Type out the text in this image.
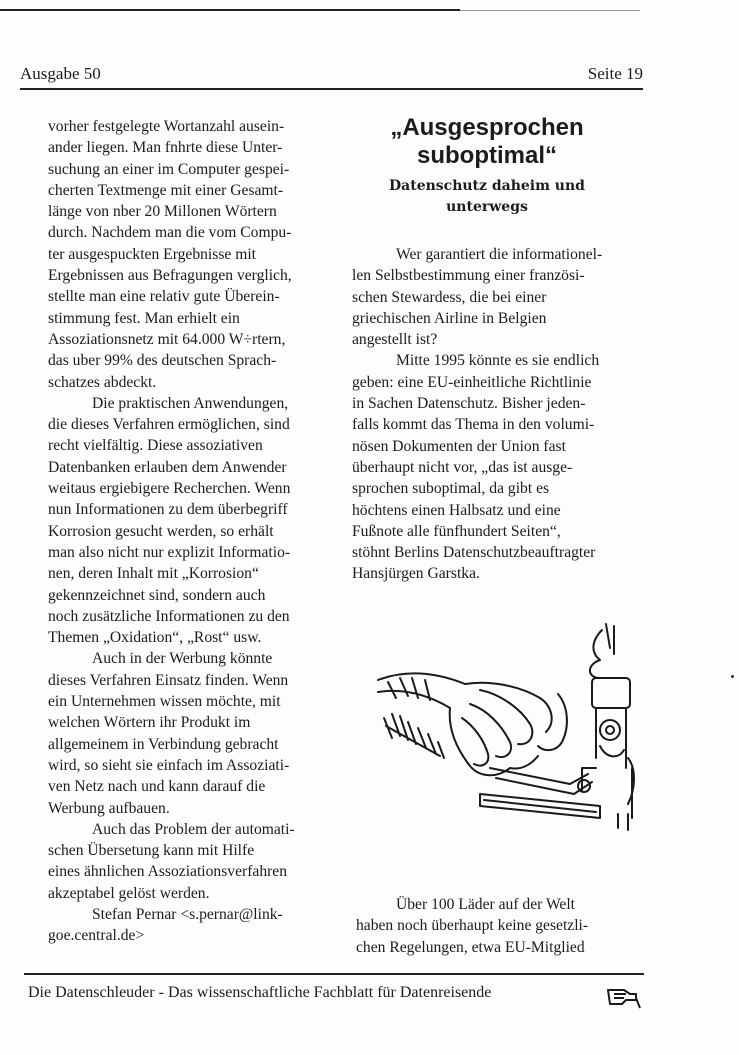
Ausgabe 50	Seite 19
vorher festgelegte Wortanzahl ausein-
ander liegen. Man fnhrte diese Unter-
suchung an einer im Computer gespei-
cherten Textmenge mit einer Gesamt-
länge von nber 20 Millonen Wörtern
durch. Nachdem man die vom Compu-
ter ausgespuckten Ergebnisse mit
Ergebnissen aus Befragungen verglich,
stellte man eine relativ gute Überein-
stimmung fest. Man erhielt ein
Assoziationsnetz mit 64.000 W÷rtern,
das uber 99% des deutschen Sprach-
schatzes abdeckt.
Die praktischen Anwendungen,
die dieses Verfahren ermöglichen, sind
recht vielfältig. Diese assoziativen
Datenbanken erlauben dem Anwender
weitaus ergiebigere Recherchen. Wenn
nun Informationen zu dem überbegriff
Korrosion gesucht werden, so erhält
man also nicht nur explizit Informatio-
nen, deren Inhalt mit „Korrosion“
gekennzeichnet sind, sondern auch
noch zusätzliche Informationen zu den
Themen „Oxidation“, „Rost“ usw.
Auch in der Werbung könnte
dieses Verfahren Einsatz finden. Wenn
ein Unternehmen wissen möchte, mit
welchen Wörtern ihr Produkt im
allgemeinem in Verbindung gebracht
wird, so sieht sie einfach im Assoziati-
ven Netz nach und kann darauf die
Werbung aufbauen.
Auch das Problem der automati-
schen Übersetung kann mit Hilfe
eines ähnlichen Assoziationsverfahren
akzeptabel gelöst werden.
Stefan Pernar <s.pernar@link-
goe.central.de>
„Ausgesprochen
suboptimal“
Datenschutz daheim und
unterwegs
Wer garantiert die informationel-
len Selbstbestimmung einer französi-
schen Stewardess, die bei einer
griechischen Airline in Belgien
angestellt ist?
Mitte 1995 könnte es sie endlich
geben: eine EU-einheitliche Richtlinie
in Sachen Datenschutz. Bisher jeden-
falls kommt das Thema in den volumi-
nösen Dokumenten der Union fast
überhaupt nicht vor, „das ist ausge-
sprochen suboptimal, da gibt es
höchtens einen Halbsatz und eine
Fußnote alle fünfhundert Seiten“,
stöhnt Berlins Datenschutzbeauftragter
Hansjürgen Garstka.
Über 100 Läder auf der Welt
haben noch überhaupt keine gesetzli-
chen Regelungen, etwa EU-Mitglied
Die Datenschleuder - Das wissenschaftliche Fachblatt für Datenreisende
